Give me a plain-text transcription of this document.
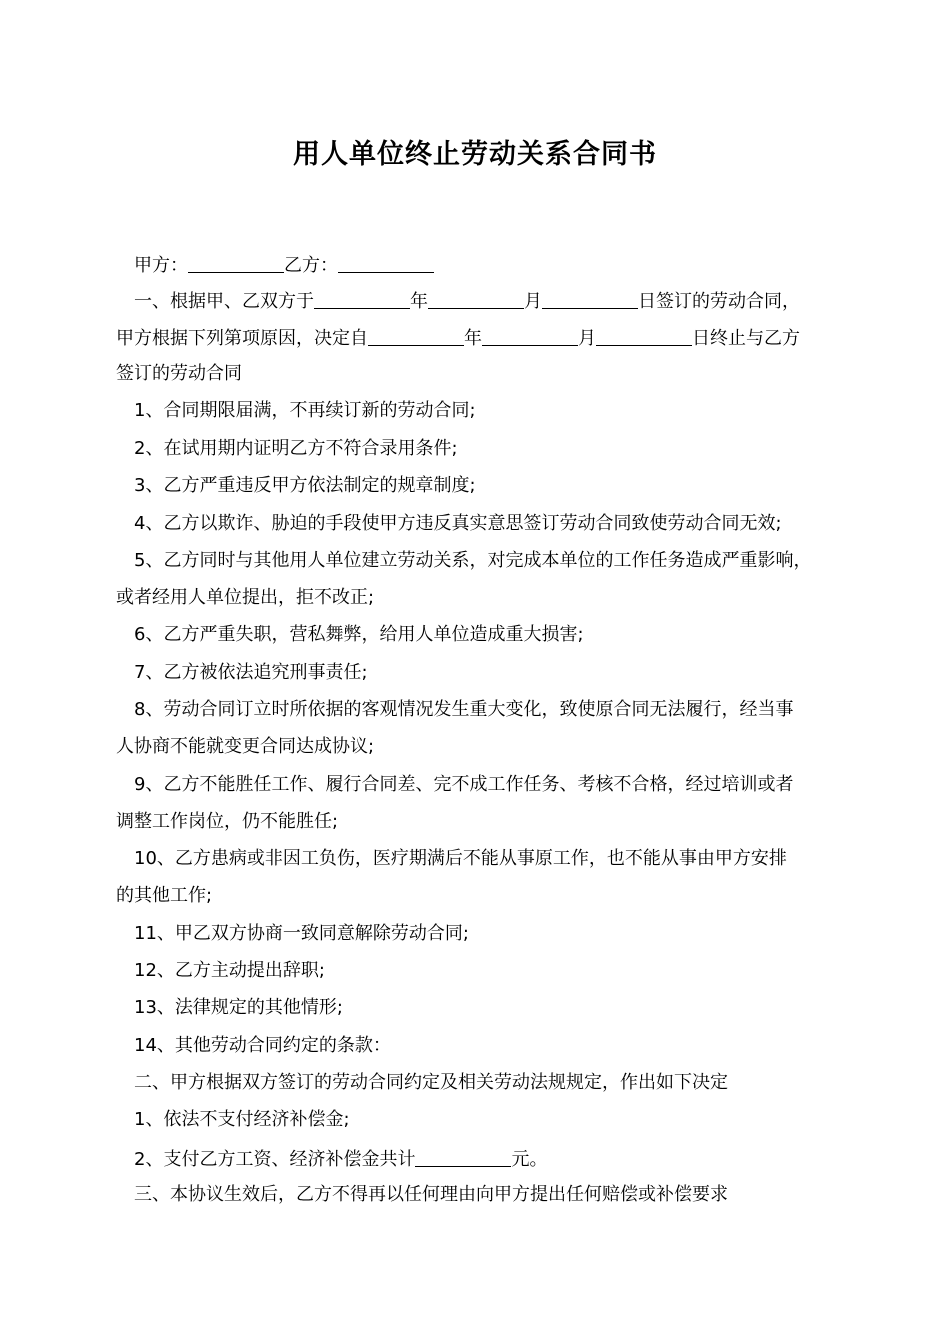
用人单位终止劳动关系合同书
甲方：	乙方：
一、根据甲、乙双方于	年	月	日签订的劳动合同，
甲方根据下列第项原因，决定自	年	月	日终止与乙方
签订的劳动合同
1、合同期限届满，不再续订新的劳动合同;
2、在试用期内证明乙方不符合录用条件;
3、乙方严重违反甲方依法制定的规章制度;
4、乙方以欺诈、胁迫的手段使甲方违反真实意思签订劳动合同致使劳动合同无效;
5、乙方同时与其他用人单位建立劳动关系，对完成本单位的工作任务造成严重影响，
或者经用人单位提出，拒不改正;
6、乙方严重失职，营私舞弊，给用人单位造成重大损害;
7、乙方被依法追究刑事责任;
8、劳动合同订立时所依据的客观情况发生重大变化，致使原合同无法履行，经当事
人协商不能就变更合同达成协议;
9、乙方不能胜任工作、履行合同差、完不成工作任务、考核不合格，经过培训或者
调整工作岗位，仍不能胜任;
10、乙方患病或非因工负伤，医疗期满后不能从事原工作，也不能从事由甲方安排
的其他工作;
11、甲乙双方协商一致同意解除劳动合同;
12、乙方主动提出辞职;
13、法律规定的其他情形;
14、其他劳动合同约定的条款：
二、甲方根据双方签订的劳动合同约定及相关劳动法规规定，作出如下决定
1、依法不支付经济补偿金;
2、支付乙方工资、经济补偿金共计	元。
三、本协议生效后，乙方不得再以任何理由向甲方提出任何赔偿或补偿要求
